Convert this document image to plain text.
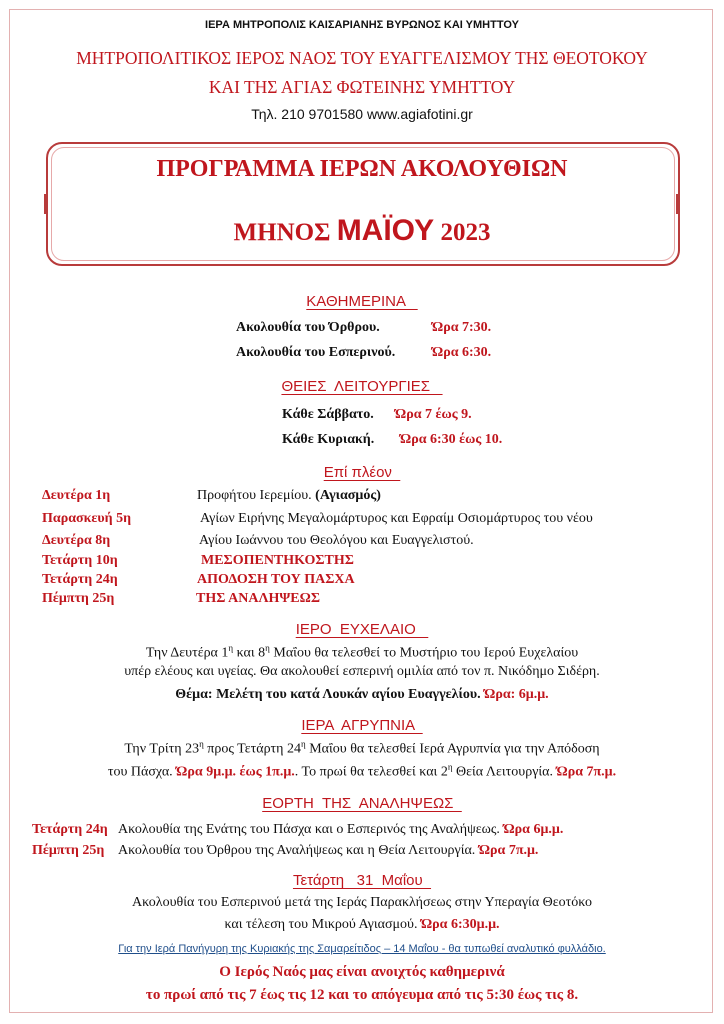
ΙΕΡΑ ΜΗΤΡΟΠΟΛΙΣ ΚΑΙΣΑΡΙΑΝΗΣ ΒΥΡΩΝΟΣ ΚΑΙ ΥΜΗΤΤΟΥ
ΜΗΤΡΟΠΟΛΙΤΙΚΟΣ ΙΕΡΟΣ ΝΑΟΣ ΤΟΥ ΕΥΑΓΓΕΛΙΣΜΟΥ ΤΗΣ ΘΕΟΤΟΚΟΥ
ΚΑΙ ΤΗΣ ΑΓΙΑΣ ΦΩΤΕΙΝΗΣ ΥΜΗΤΤΟΥ
Τηλ. 210 9701580 www.agiafotini.gr
ΠΡΟΓΡΑΜΜΑ ΙΕΡΩΝ ΑΚΟΛΟΥΘΙΩΝ
ΜΗΝΟΣ ΜΑΪΟΥ 2023
ΚΑΘΗΜΕΡΙΝΑ
Ακολουθία του Όρθρου.	Ώρα 7:30.
Ακολουθία του Εσπερινού.	Ώρα 6:30.
ΘΕΙΕΣ  ΛΕΙΤΟΥΡΓΙΕΣ
Κάθε Σάββατο. Ώρα 7 έως 9.
Κάθε Κυριακή. Ώρα 6:30 έως 10.
Επί πλέον
Δευτέρα 1η	Προφήτου Ιερεμίου. (Αγιασμός)
Παρασκευή 5η	Αγίων Ειρήνης Μεγαλομάρτυρος και Εφραίμ Οσιομάρτυρος του νέου
Δευτέρα 8η	Αγίου Ιωάννου του Θεολόγου και Ευαγγελιστού.
Τετάρτη 10η	ΜΕΣΟΠΕΝΤΗΚΟΣΤΗΣ
Τετάρτη 24η	ΑΠΟΔΟΣΗ ΤΟΥ ΠΑΣΧΑ
Πέμπτη 25η	ΤΗΣ ΑΝΑΛΗΨΕΩΣ
ΙΕΡΟ  ΕΥΧΕΛΑΙΟ
Την Δευτέρα $1^\eta$ και $8^\eta$ Μαΐου θα τελεσθεί το Μυστήριο του Ιερού Ευχελαίου
υπέρ ελέους και υγείας. Θα ακολουθεί εσπερινή ομιλία από τον π. Νικόδημο Σιδέρη.
Θέμα: Μελέτη του κατά Λουκάν αγίου Ευαγγελίου. Ώρα: 6μ.μ.
ΙΕΡΑ  ΑΓΡΥΠΝΙΑ
Την Τρίτη $23^\eta$ προς Τετάρτη $24^\eta$ Μαΐου θα τελεσθεί Ιερά Αγρυπνία για την Απόδοση
του Πάσχα. Ώρα 9μ.μ. έως 1π.μ.. Το πρωί θα τελεσθεί και $2^\eta$ Θεία Λειτουργία. Ώρα 7π.μ.
ΕΟΡΤΗ  ΤΗΣ  ΑΝΑΛΗΨΕΩΣ
Τετάρτη 24η Ακολουθία της Ενάτης του Πάσχα και ο Εσπερινός της Αναλήψεως. Ώρα 6μ.μ.
Πέμπτη 25η Ακολουθία του Όρθρου της Αναλήψεως και η Θεία Λειτουργία. Ώρα 7π.μ.
Τετάρτη   31  Μαΐου
Ακολουθία του Εσπερινού μετά της Ιεράς Παρακλήσεως στην Υπεραγία Θεοτόκο
και τέλεση του Μικρού Αγιασμού. Ώρα 6:30μ.μ.
Για την Ιερά Πανήγυρη της Κυριακής της Σαμαρείτιδος – 14 Μαΐου - θα τυπωθεί αναλυτικό φυλλάδιο.
Ο Ιερός Ναός μας είναι ανοιχτός καθημερινά
το πρωί από τις 7 έως τις 12 και το απόγευμα από τις 5:30 έως τις 8.
